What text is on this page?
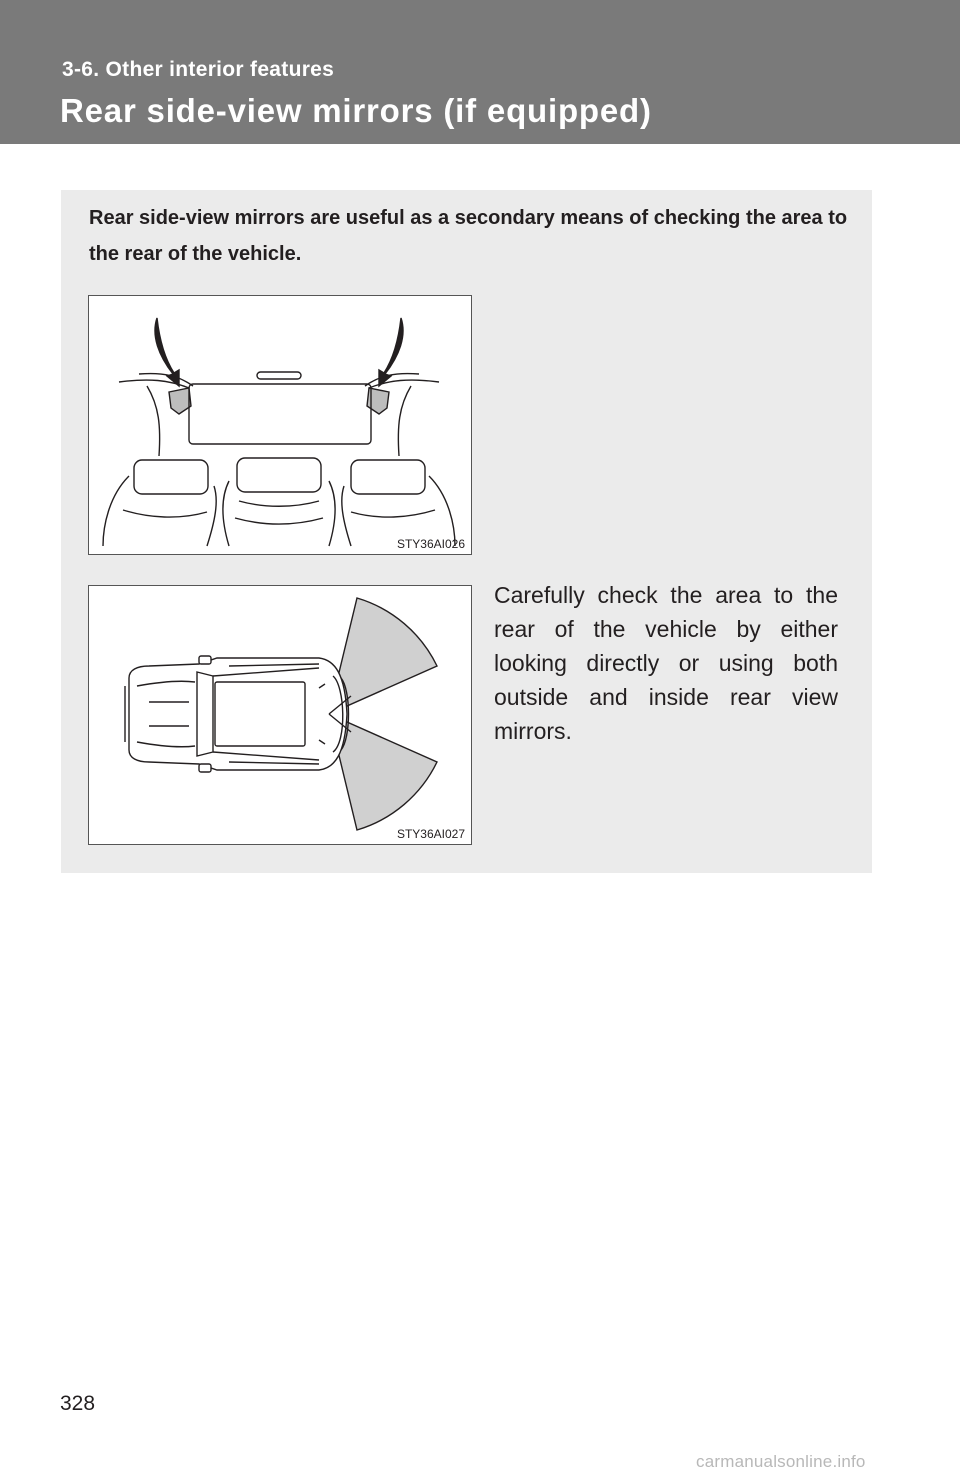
3-6. Other interior features
Rear side-view mirrors (if equipped)
Rear side-view mirrors are useful as a secondary means of checking the area to the rear of the vehicle.
STY36AI026
STY36AI027
Carefully check the area to the rear of the vehicle by either looking directly or using both outside and inside rear view mirrors.
328
carmanualsonline.info
